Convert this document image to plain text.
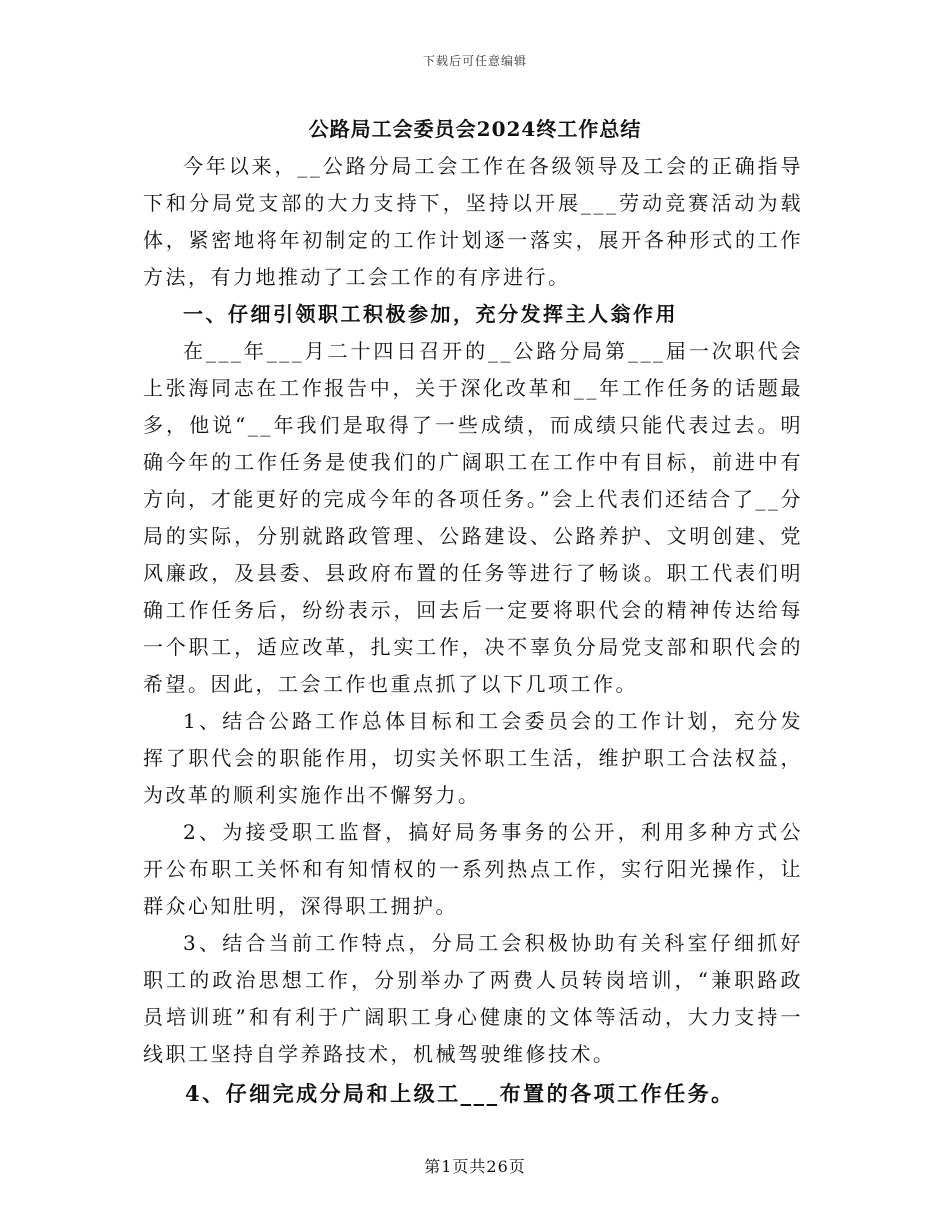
下载后可任意编辑
公路局工会委员会2024终工作总结

今年以来，__公路分局工会工作在各级领导及工会的正确指导下和分局党支部的大力支持下，坚持以开展___劳动竞赛活动为载体，紧密地将年初制定的工作计划逐一落实，展开各种形式的工作方法，有力地推动了工会工作的有序进行。

一、仔细引领职工积极参加，充分发挥主人翁作用

在___年___月二十四日召开的__公路分局第___届一次职代会上张海同志在工作报告中，关于深化改革和__年工作任务的话题最多，他说“__年我们是取得了一些成绩，而成绩只能代表过去。明确今年的工作任务是使我们的广阔职工在工作中有目标，前进中有方向，才能更好的完成今年的各项任务。”会上代表们还结合了__分局的实际，分别就路政管理、公路建设、公路养护、文明创建、党风廉政，及县委、县政府布置的任务等进行了畅谈。职工代表们明确工作任务后，纷纷表示，回去后一定要将职代会的精神传达给每一个职工，适应改革，扎实工作，决不辜负分局党支部和职代会的希望。因此，工会工作也重点抓了以下几项工作。

1、结合公路工作总体目标和工会委员会的工作计划，充分发挥了职代会的职能作用，切实关怀职工生活，维护职工合法权益，为改革的顺利实施作出不懈努力。

2、为接受职工监督，搞好局务事务的公开，利用多种方式公开公布职工关怀和有知情权的一系列热点工作，实行阳光操作，让群众心知肚明，深得职工拥护。

3、结合当前工作特点，分局工会积极协助有关科室仔细抓好职工的政治思想工作，分别举办了两费人员转岗培训，“兼职路政员培训班”和有利于广阔职工身心健康的文体等活动，大力支持一线职工坚持自学养路技术，机械驾驶维修技术。

4、仔细完成分局和上级工___布置的各项工作任务。

第1页共26页
